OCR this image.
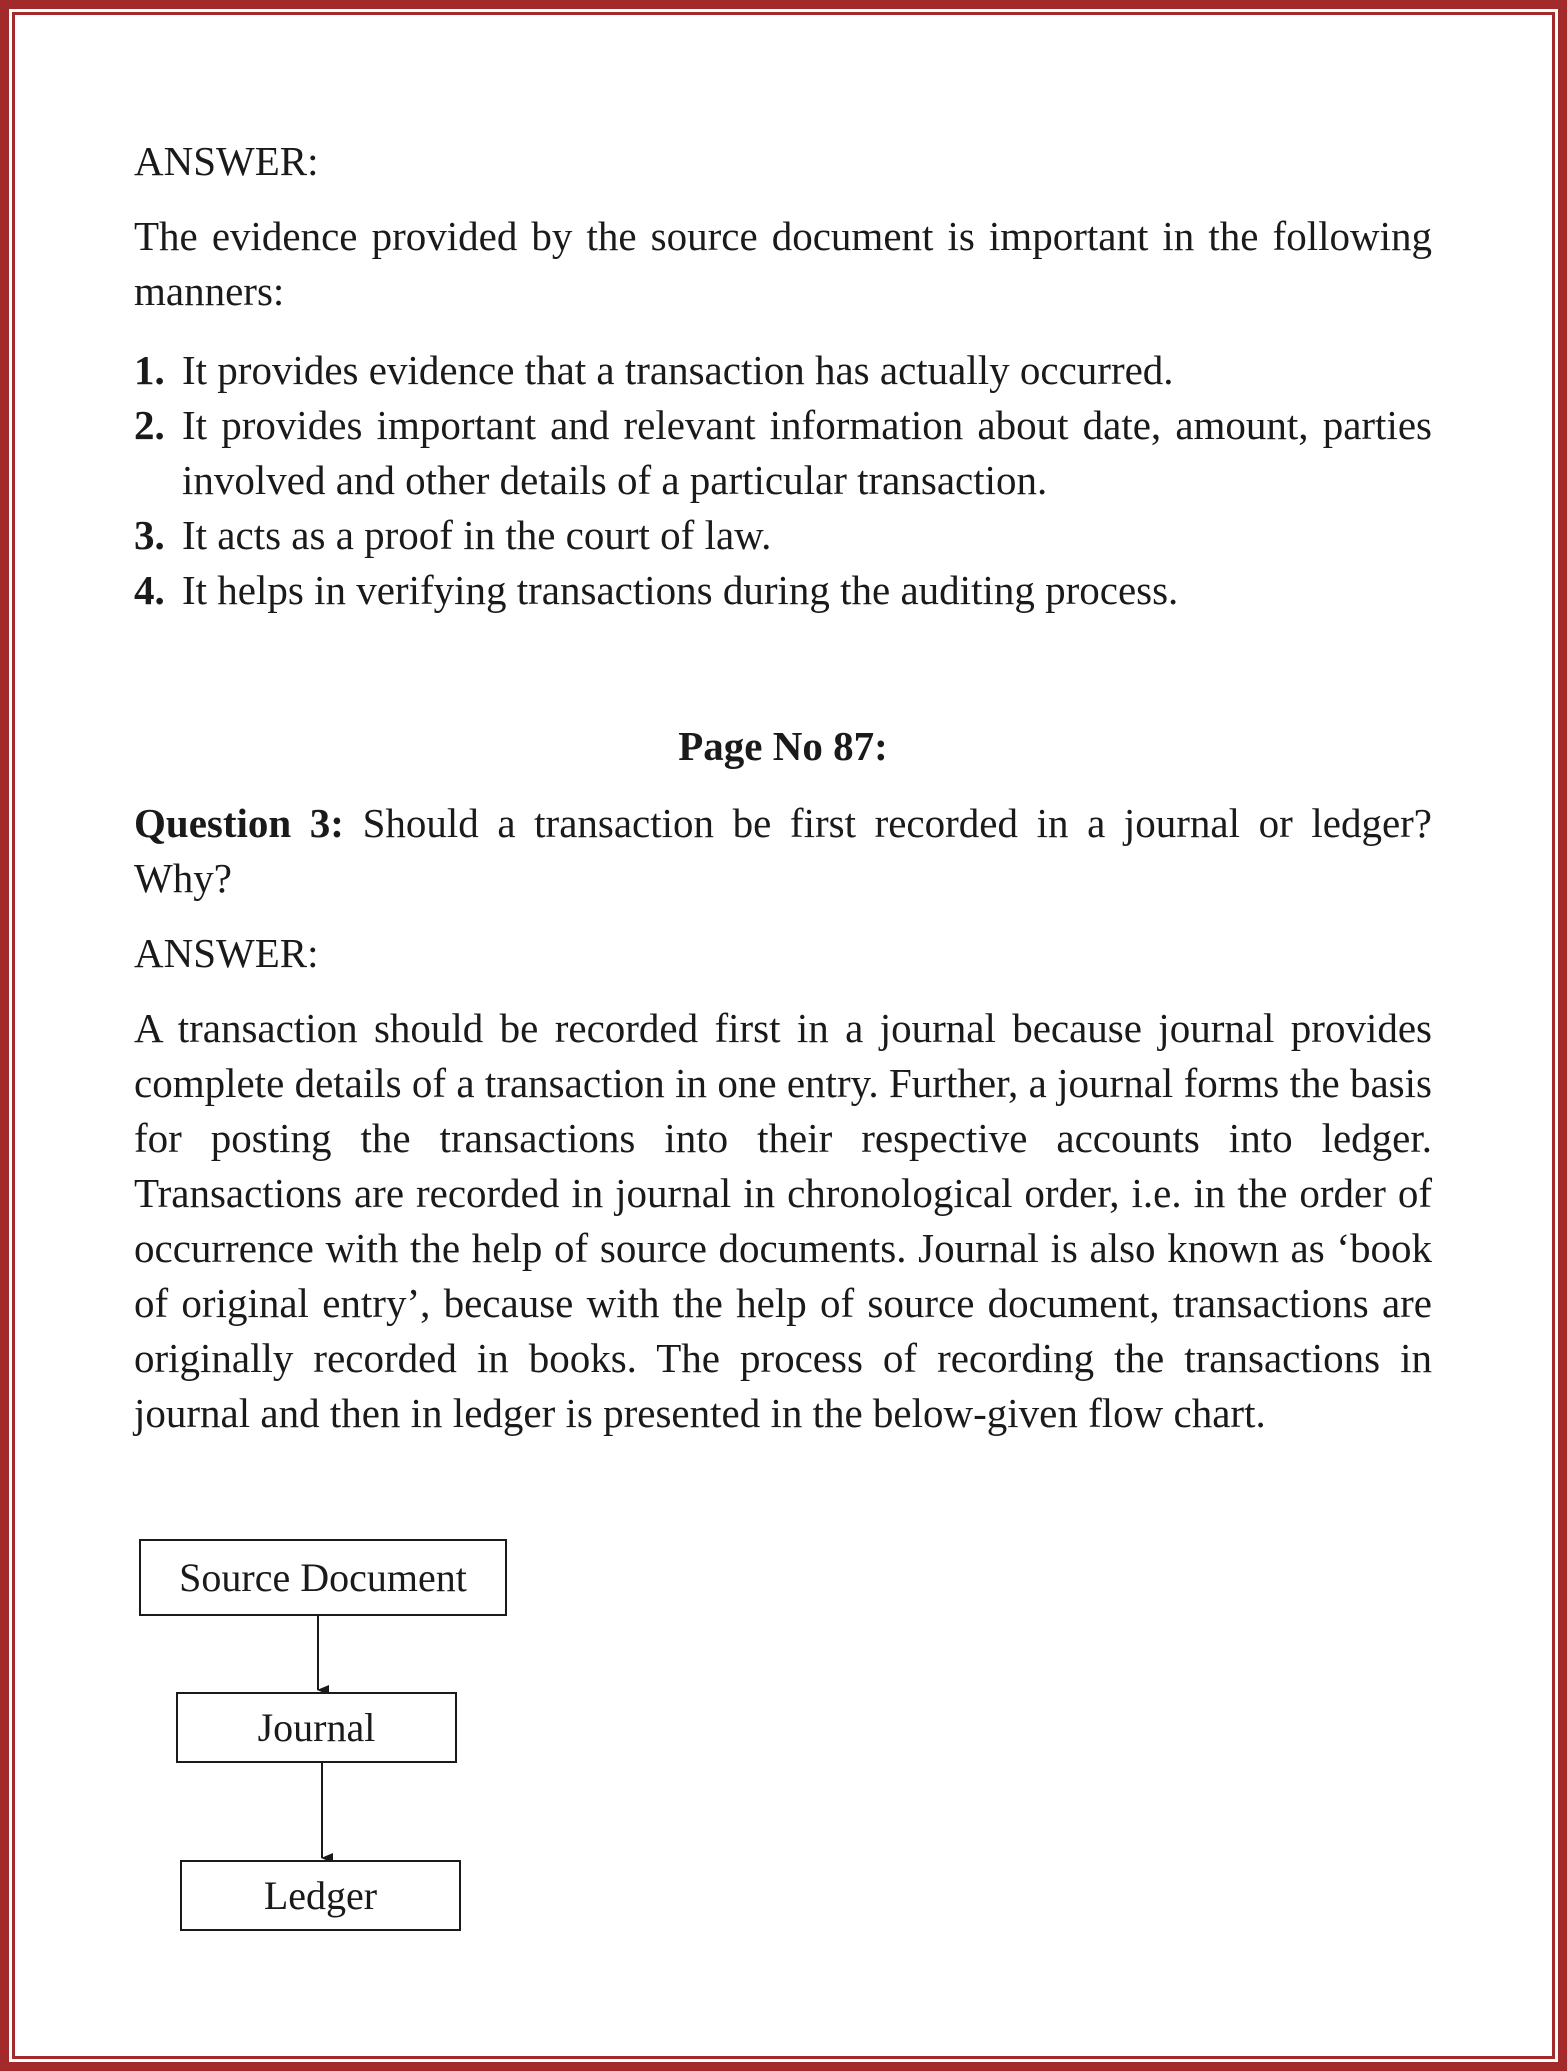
ANSWER:

The evidence provided by the source document is important in the following manners:

1. It provides evidence that a transaction has actually occurred.
2. It provides important and relevant information about date, amount, parties involved and other details of a particular transaction.
3. It acts as a proof in the court of law.
4. It helps in verifying transactions during the auditing process.

Page No 87:

Question 3: Should a transaction be first recorded in a journal or ledger? Why?

ANSWER:

A transaction should be recorded first in a journal because journal provides complete details of a transaction in one entry. Further, a journal forms the basis for posting the transactions into their respective accounts into ledger. Transactions are recorded in journal in chronological order, i.e. in the order of occurrence with the help of source documents. Journal is also known as ‘book of original entry’, because with the help of source document, transactions are originally recorded in books. The process of recording the transactions in journal and then in ledger is presented in the below-given flow chart.

Source Document
Journal
Ledger
